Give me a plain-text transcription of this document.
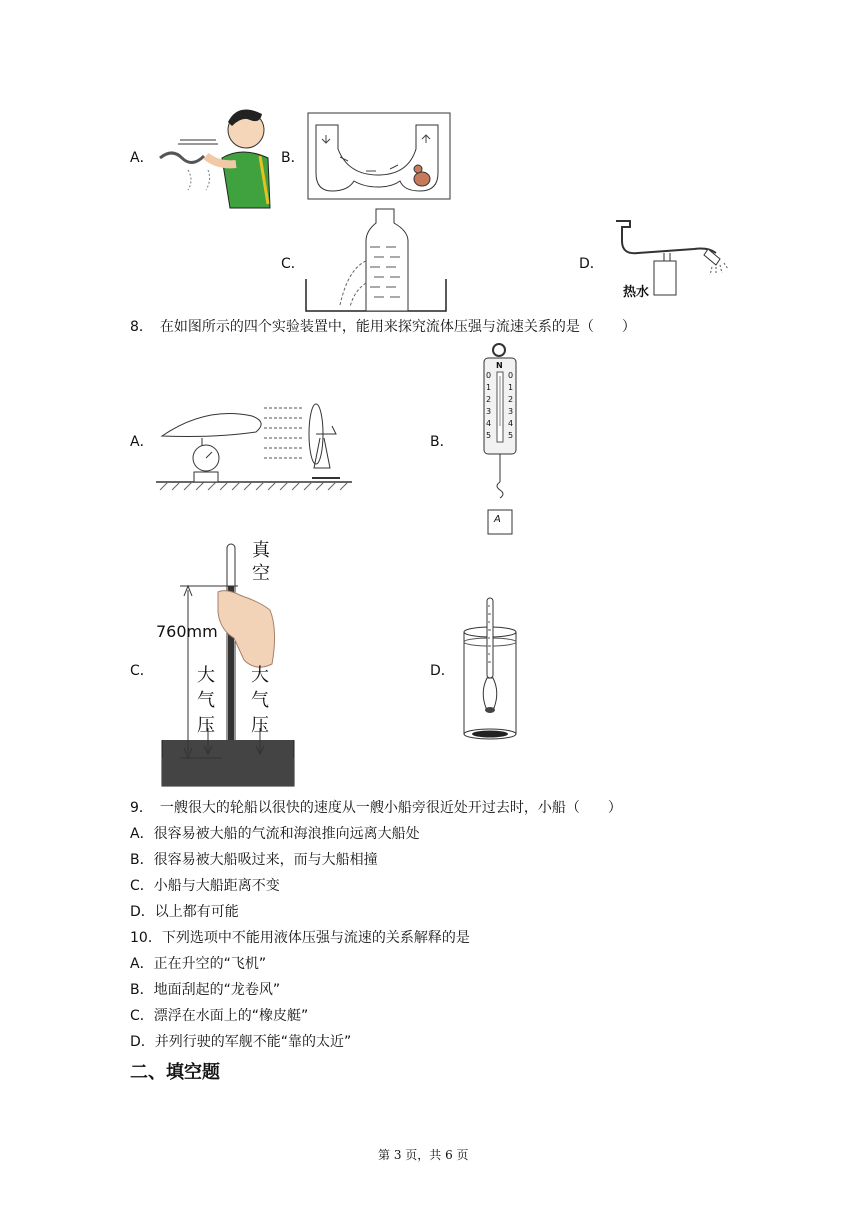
A．	B．
C．	D．
热水
8．　在如图所示的四个实验装置中，能用来探究流体压强与流速关系的是（　　）
A．	B．
N
0
1
2
3
4
5
0
1
2
3
4
5
A
C．
真
空
760mm
大
气
压
大
气
压
D．
9．　一艘很大的轮船以很快的速度从一艘小船旁很近处开过去时，小船（　　）
A．很容易被大船的气流和海浪推向远离大船处
B．很容易被大船吸过来，而与大船相撞
C．小船与大船距离不变
D．以上都有可能
10．下列选项中不能用液体压强与流速的关系解释的是
A．正在升空的“飞机”
B．地面刮起的“龙卷风”
C．漂浮在水面上的“橡皮艇”
D．并列行驶的军舰不能“靠的太近”
二、填空题
第 3 页，共 6 页
